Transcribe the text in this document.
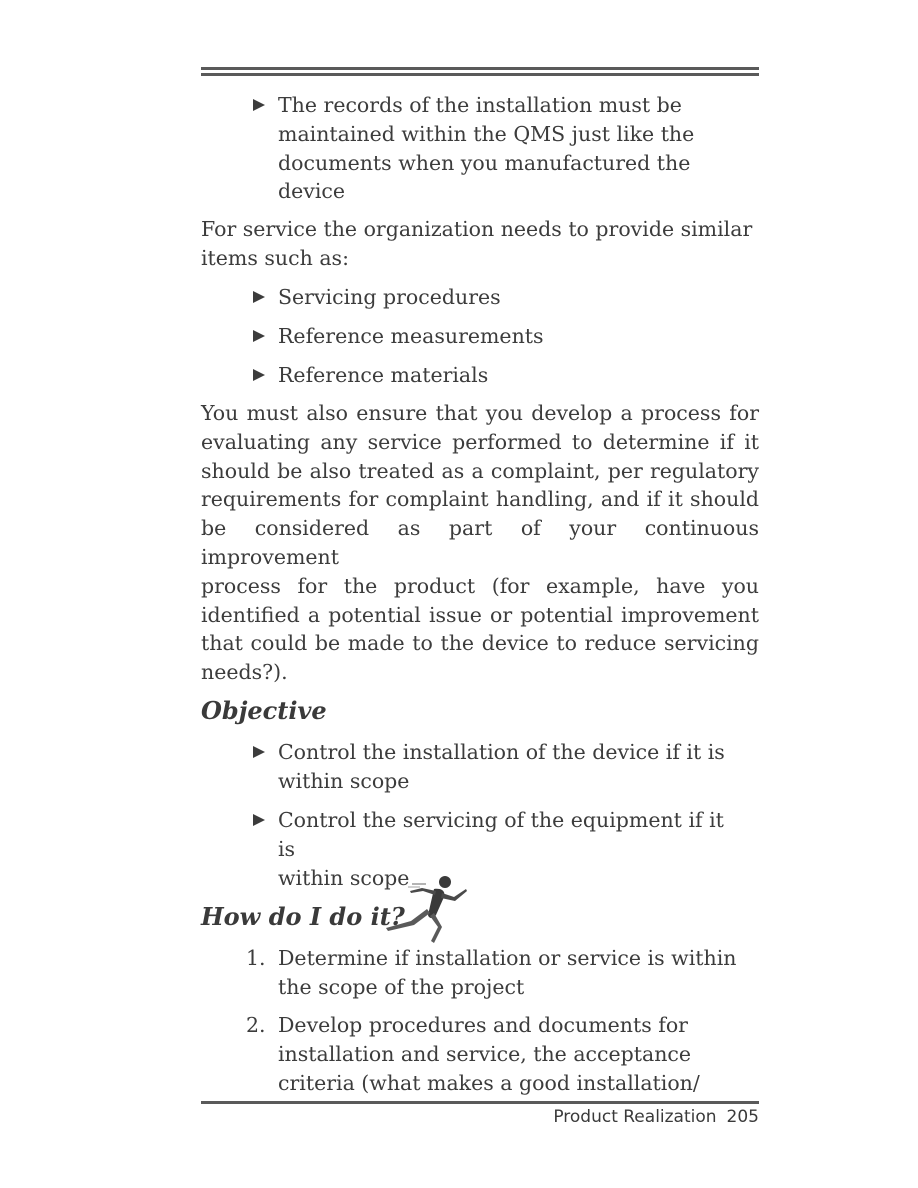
The records of the installation must be
maintained within the QMS just like the
documents when you manufactured the
device
For service the organization needs to provide similar
items such as:
Servicing procedures
Reference measurements
Reference materials
You must also ensure that you develop a process for
evaluating any service performed to determine if it
should be also treated as a complaint, per regulatory
requirements for complaint handling, and if it should
be considered as part of your continuous improvement
process for the product (for example, have you
identified a potential issue or potential improvement
that could be made to the device to reduce servicing
needs?).
Objective
Control the installation of the device if it is
within scope
Control the servicing of the equipment if it is
within scope
How do I do it?
1. Determine if installation or service is within
the scope of the project
2. Develop procedures and documents for
installation and service, the acceptance
criteria (what makes a good installation/
Product Realization 205
